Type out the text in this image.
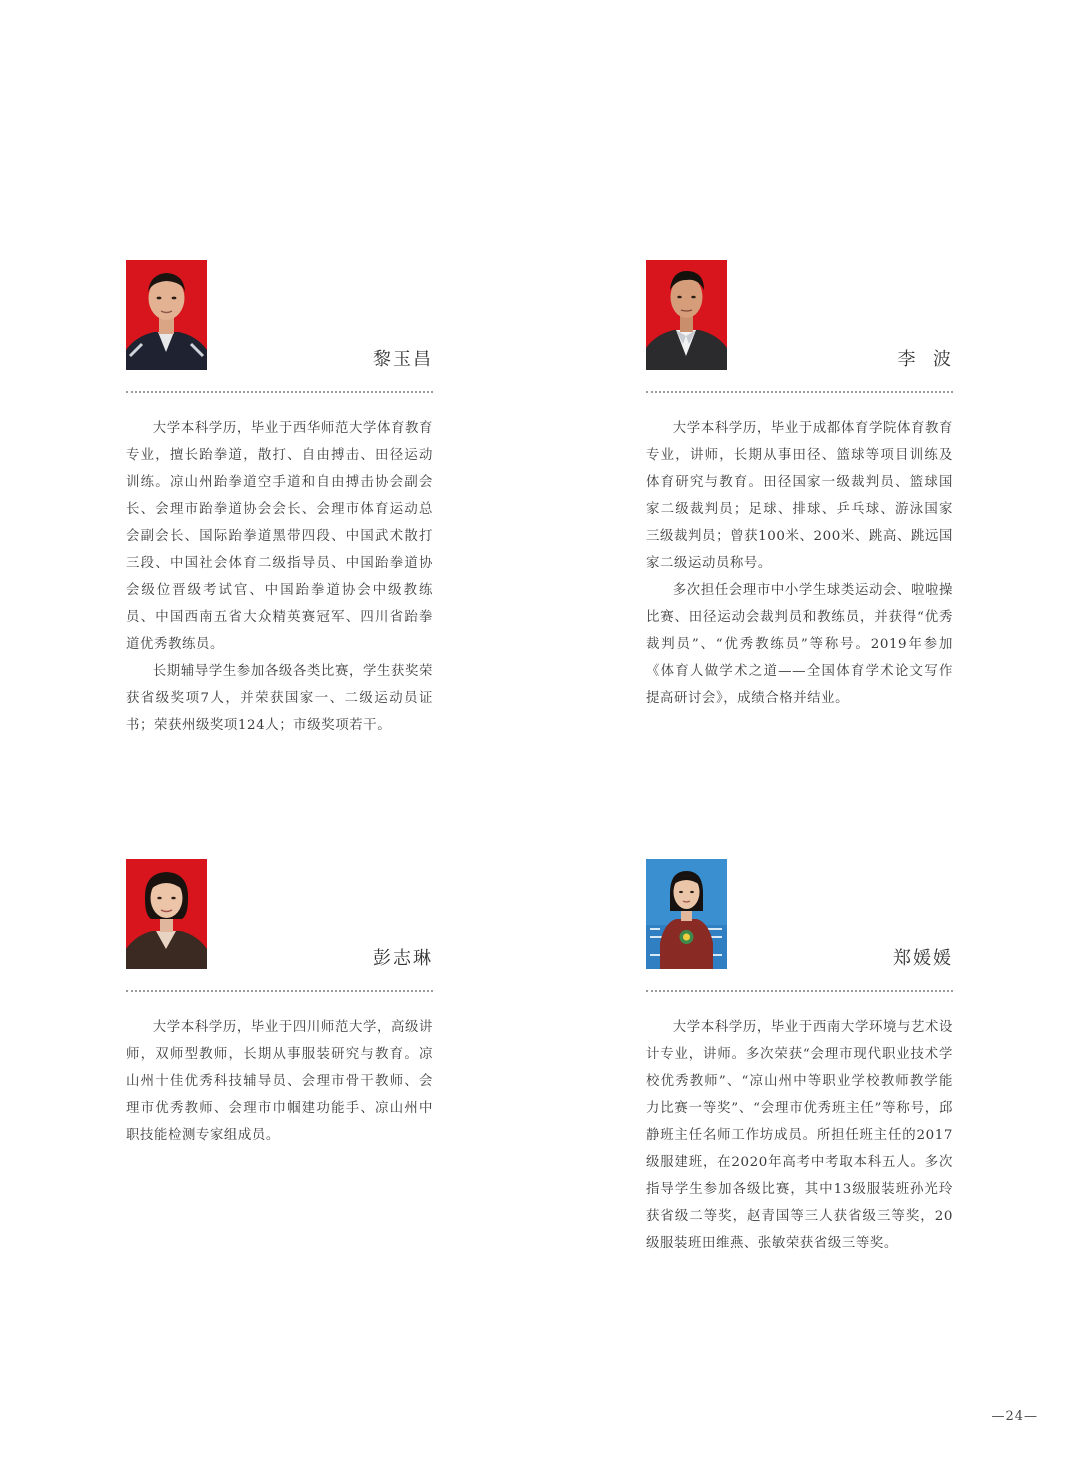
黎玉昌

大学本科学历，毕业于西华师范大学体育教育专业，擅长跆拳道，散打、自由搏击、田径运动训练。凉山州跆拳道空手道和自由搏击协会副会长、会理市跆拳道协会会长、会理市体育运动总会副会长、国际跆拳道黑带四段、中国武术散打三段、中国社会体育二级指导员、中国跆拳道协会级位晋级考试官、中国跆拳道协会中级教练员、中国西南五省大众精英赛冠军、四川省跆拳道优秀教练员。

长期辅导学生参加各级各类比赛，学生获奖荣获省级奖项7人，并荣获国家一、二级运动员证书；荣获州级奖项124人；市级奖项若干。

李  波

大学本科学历，毕业于成都体育学院体育教育专业，讲师，长期从事田径、篮球等项目训练及体育研究与教育。田径国家一级裁判员、篮球国家二级裁判员；足球、排球、乒乓球、游泳国家三级裁判员；曾获100米、200米、跳高、跳远国家二级运动员称号。

多次担任会理市中小学生球类运动会、啦啦操比赛、田径运动会裁判员和教练员，并获得“优秀裁判员”、“优秀教练员”等称号。2019年参加《体育人做学术之道——全国体育学术论文写作提高研讨会》，成绩合格并结业。

彭志琳

大学本科学历，毕业于四川师范大学，高级讲师，双师型教师，长期从事服装研究与教育。凉山州十佳优秀科技辅导员、会理市骨干教师、会理市优秀教师、会理市巾帼建功能手、凉山州中职技能检测专家组成员。

郑媛媛

大学本科学历，毕业于西南大学环境与艺术设计专业，讲师。多次荣获“会理市现代职业技术学校优秀教师”、“凉山州中等职业学校教师教学能力比赛一等奖”、“会理市优秀班主任”等称号，邱静班主任名师工作坊成员。所担任班主任的2017级服建班，在2020年高考中考取本科五人。多次指导学生参加各级比赛，其中13级服装班孙光玲获省级二等奖，赵青国等三人获省级三等奖，20级服装班田维燕、张敏荣获省级三等奖。

—24—
